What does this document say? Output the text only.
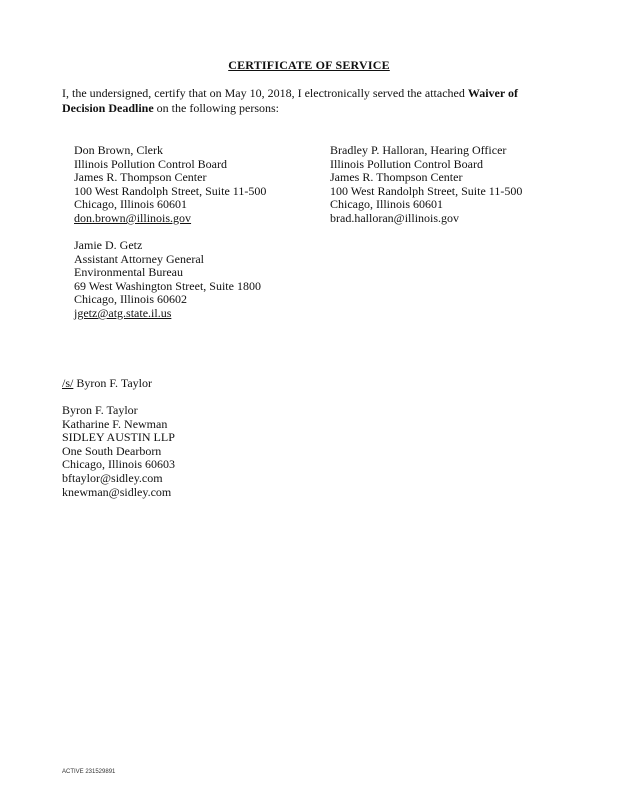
CERTIFICATE OF SERVICE
I, the undersigned, certify that on May 10, 2018, I electronically served the attached Waiver of Decision Deadline on the following persons:
Don Brown, Clerk
Illinois Pollution Control Board
James R. Thompson Center
100 West Randolph Street, Suite 11-500
Chicago, Illinois 60601
don.brown@illinois.gov
Bradley P. Halloran, Hearing Officer
Illinois Pollution Control Board
James R. Thompson Center
100 West Randolph Street, Suite 11-500
Chicago, Illinois 60601
brad.halloran@illinois.gov
Jamie D. Getz
Assistant Attorney General
Environmental Bureau
69 West Washington Street, Suite 1800
Chicago, Illinois 60602
jgetz@atg.state.il.us
/s/ Byron F. Taylor
Byron F. Taylor
Katharine F. Newman
SIDLEY AUSTIN LLP
One South Dearborn
Chicago, Illinois 60603
bftaylor@sidley.com
knewman@sidley.com
ACTIVE 231529891
